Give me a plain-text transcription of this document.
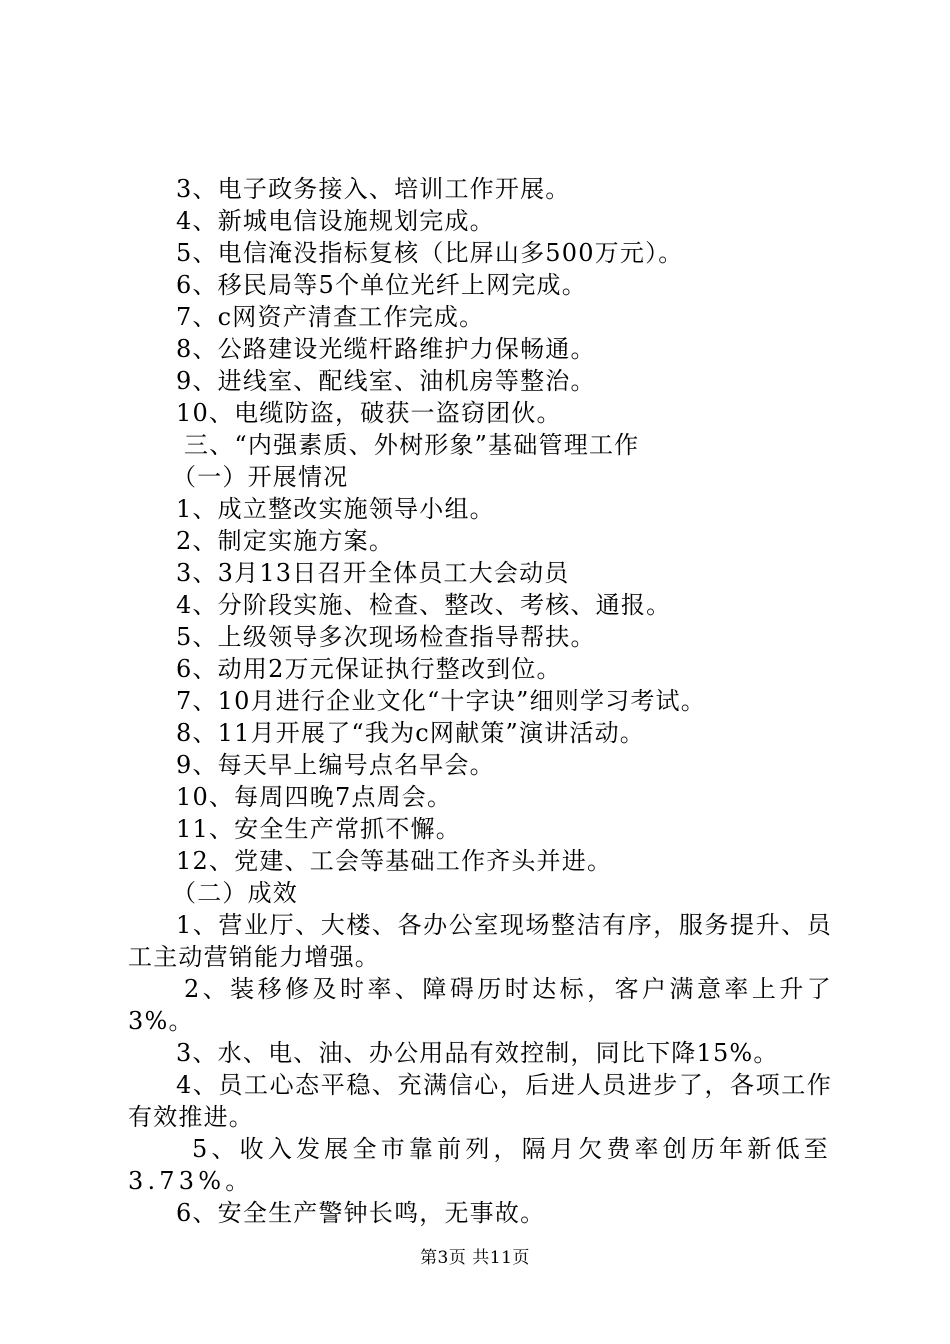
3、电子政务接入、培训工作开展。
4、新城电信设施规划完成。
5、电信淹没指标复核（比屏山多500万元）。
6、移民局等5个单位光纤上网完成。
7、c网资产清查工作完成。
8、公路建设光缆杆路维护力保畅通。
9、进线室、配线室、油机房等整治。
10、电缆防盗，破获一盗窃团伙。
三、“内强素质、外树形象”基础管理工作
（一）开展情况
1、成立整改实施领导小组。
2、制定实施方案。
3、3月13日召开全体员工大会动员
4、分阶段实施、检查、整改、考核、通报。
5、上级领导多次现场检查指导帮扶。
6、动用2万元保证执行整改到位。
7、10月进行企业文化“十字诀”细则学习考试。
8、11月开展了“我为c网献策”演讲活动。
9、每天早上编号点名早会。
10、每周四晚7点周会。
11、安全生产常抓不懈。
12、党建、工会等基础工作齐头并进。
（二）成效
1、营业厅、大楼、各办公室现场整洁有序，服务提升、员工主动营销能力增强。
2、装移修及时率、障碍历时达标，客户满意率上升了3%。
3、水、电、油、办公用品有效控制，同比下降15%。
4、员工心态平稳、充满信心，后进人员进步了，各项工作有效推进。
5、收入发展全市靠前列，隔月欠费率创历年新低至3.73%。
6、安全生产警钟长鸣，无事故。
第3页 共11页
